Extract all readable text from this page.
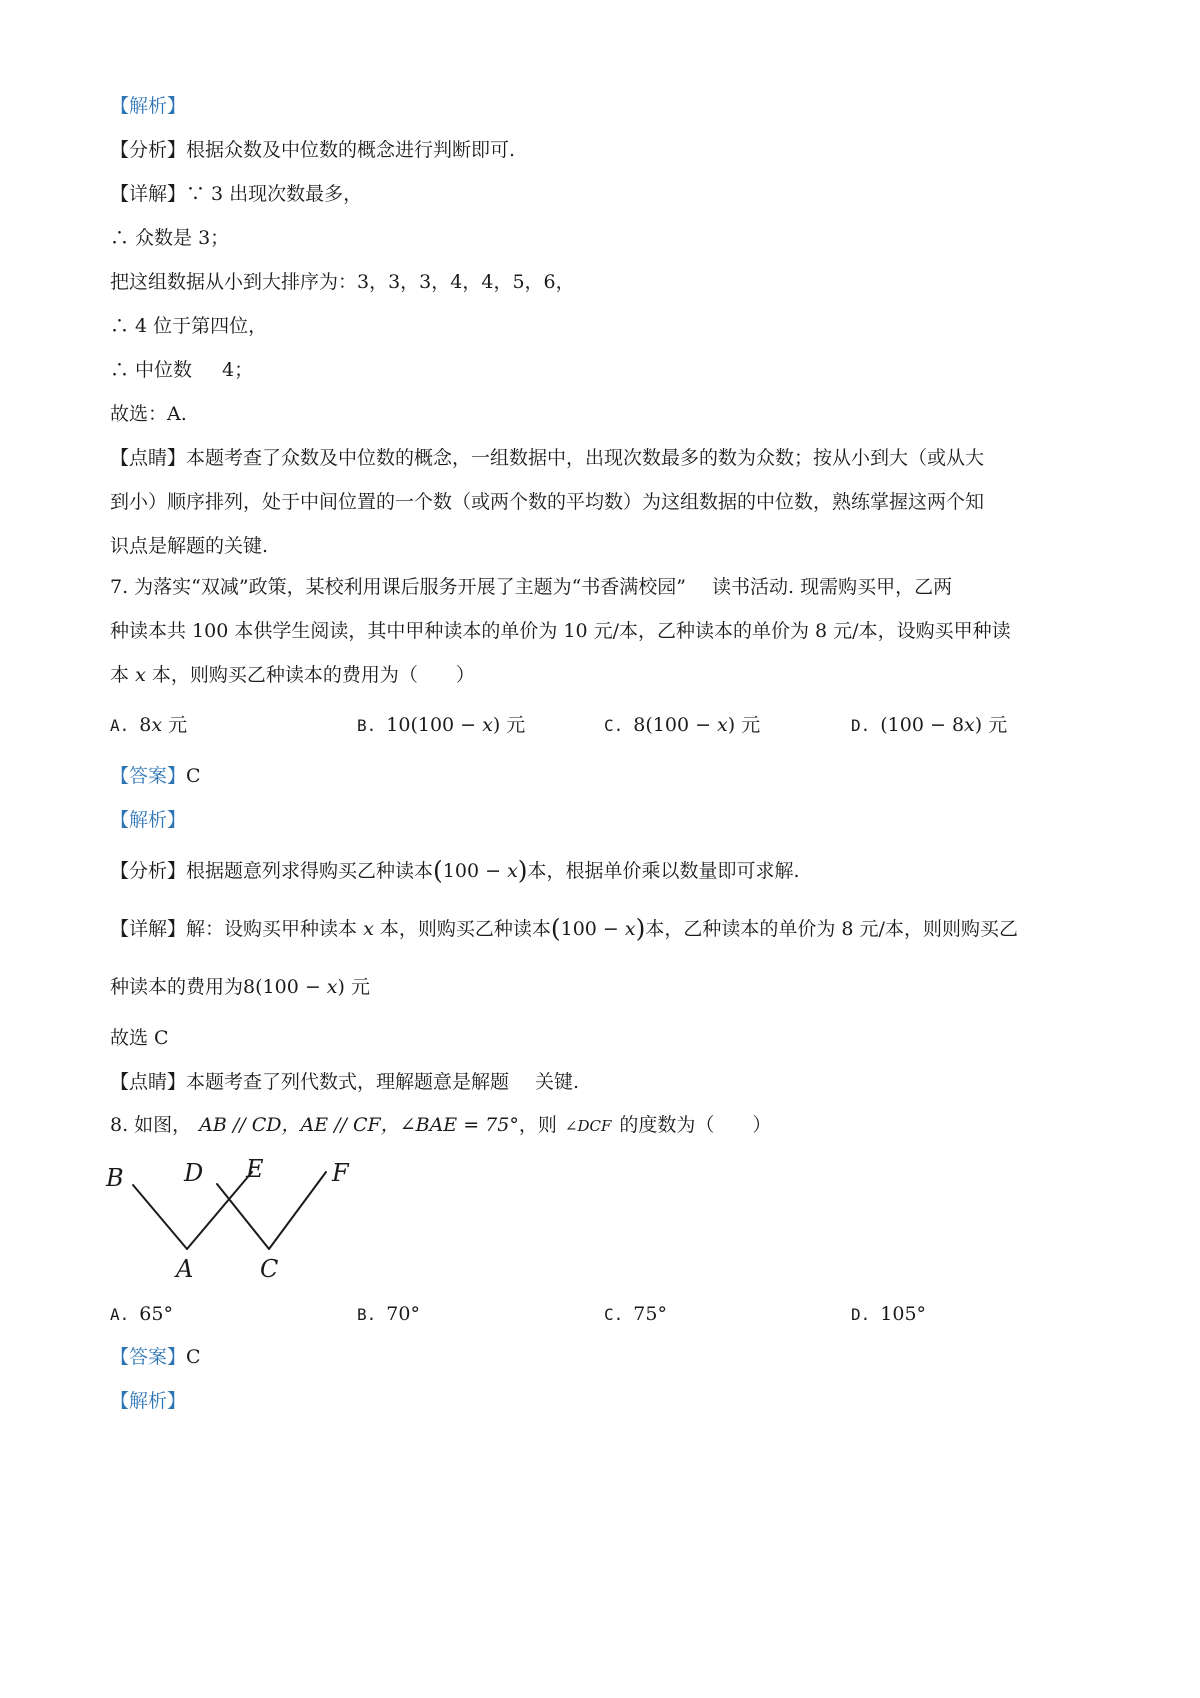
【解析】
【分析】根据众数及中位数的概念进行判断即可.
【详解】∵ 3 出现次数最多，
∴ 众数是 3；
把这组数据从小到大排序为：3，3，3，4，4，5，6，
∴ 4 位于第四位，
∴ 中位数 4；
故选：A.
【点睛】本题考查了众数及中位数的概念，一组数据中，出现次数最多的数为众数；按从小到大（或从大
到小）顺序排列，处于中间位置的一个数（或两个数的平均数）为这组数据的中位数，熟练掌握这两个知
识点是解题的关键.
7. 为落实“双减”政策，某校利用课后服务开展了主题为“书香满校园” 读书活动. 现需购买甲，乙两
种读本共 100 本供学生阅读，其中甲种读本的单价为 10 元/本，乙种读本的单价为 8 元/本，设购买甲种读
本 x 本，则购买乙种读本的费用为（　　）
A. 8x 元	B. 10(100 − x) 元	C. 8(100 − x) 元	D. (100 − 8x) 元
【答案】C
【解析】
【分析】根据题意列求得购买乙种读本(100 − x)本，根据单价乘以数量即可求解.
【详解】解：设购买甲种读本 x 本，则购买乙种读本(100 − x)本，乙种读本的单价为 8 元/本，则则购买乙
种读本的费用为8(100 − x) 元
故选 C
【点睛】本题考查了列代数式，理解题意是解题 关键.
8. 如图， AB // CD，AE // CF，∠BAE = 75°，则 ∠DCF 的度数为（　　）
B	D E	F
A	C
A. 65°	B. 70°	C. 75°	D. 105°
【答案】C
【解析】
